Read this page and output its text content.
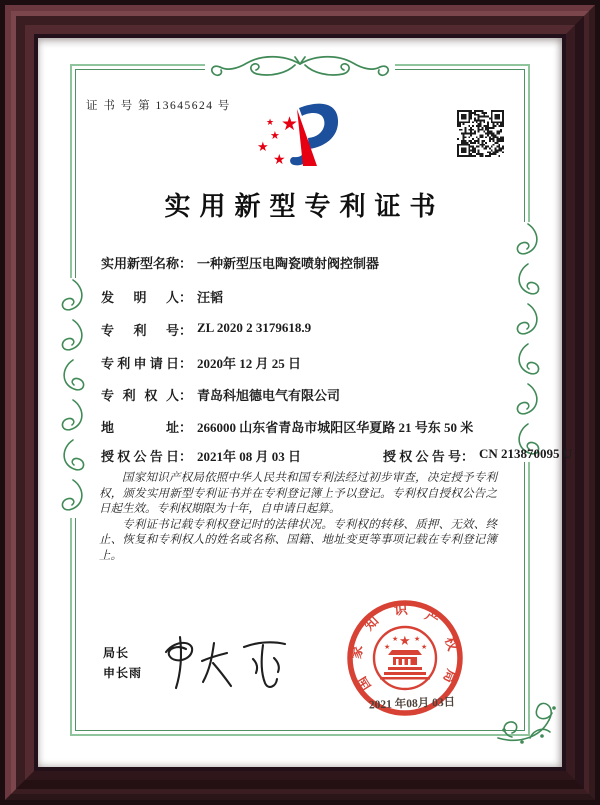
证 书 号 第 13645624 号
★
★
★
★
★
实用新型专利证书
实用新型名称： 一种新型压电陶瓷喷射阀控制器
发明人： 汪韬
专利号： ZL 2020 2 3179618.9
专利申请日： 2020年 12 月 25 日
专利权人： 青岛科旭德电气有限公司
地址： 266000 山东省青岛市城阳区华夏路 21 号东 50 米
授权公告日： 2021年 08 月 03 日	授权公告号： CN 213870095 U

国家知识产权局依照中华人民共和国专利法经过初步审查，决定授予专利权，颁发实用新型专利证书并在专利登记簿上予以登记。专利权自授权公告之日起生效。专利权期限为十年，自申请日起算。

专利证书记载专利权登记时的法律状况。专利权的转移、质押、无效、终止、恢复和专利权人的姓名或名称、国籍、地址变更等事项记载在专利登记簿上。

局长
申长雨
国
家
知
识 产
权
局
★
★
★ ★
★
2021 年08月 03日
